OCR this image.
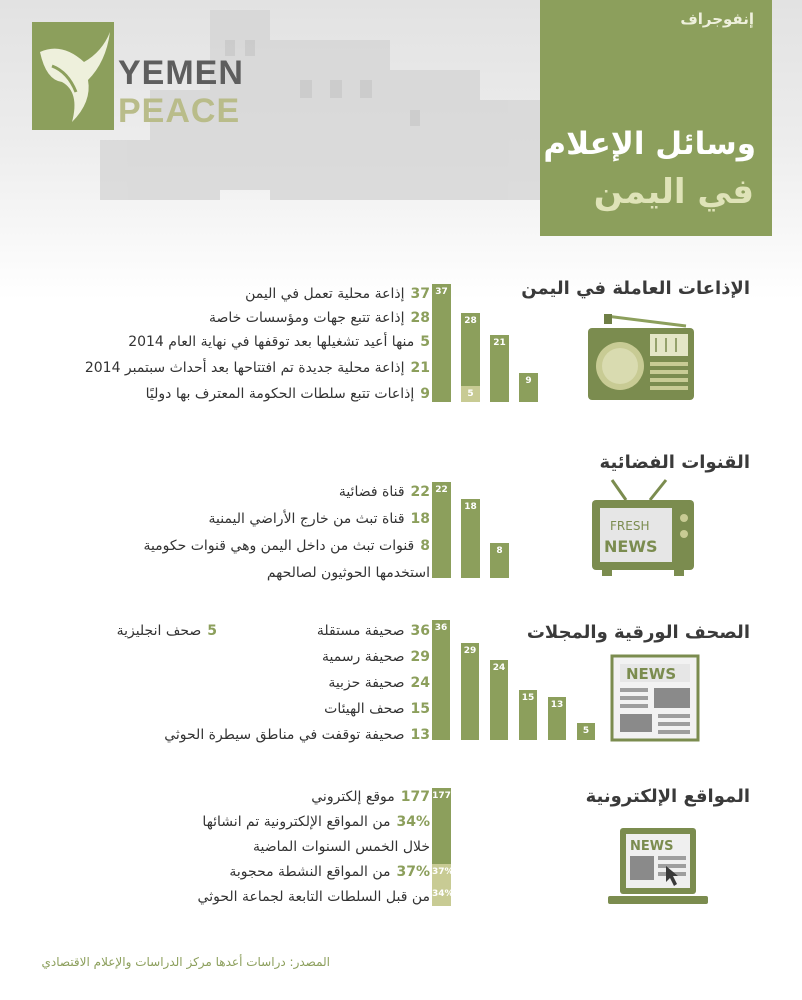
YEMEN
PEACE
إنفوجراف
وسائل الإعلام
في اليمن
الإذاعات العاملة في اليمن
37إذاعة محلية تعمل في اليمن
28إذاعة تتبع جهات ومؤسسات خاصة
5منها أعيد تشغيلها بعد توقفها في نهاية العام 2014
21إذاعة محلية جديدة تم افتتاحها بعد أحداث سبتمبر 2014
9إذاعات تتبع سلطات الحكومة المعترف بها دوليًا
37
28
5
21
9
القنوات الفضائية
22قناة فضائية
18قناة تبث من خارج الأراضي اليمنية
8قنوات تبث من داخل اليمن وهي قنوات حكومية
استخدمها الحوثيون لصالحهم
22
18
8
FRESH
NEWS
الصحف الورقية والمجلات
36صحيفة مستقلة
29صحيفة رسمية
24صحيفة حزبية
15صحف الهيئات
13صحيفة توقفت في مناطق سيطرة الحوثي
5صحف انجليزية	36
29
24
15
13
5
NEWS
المواقع الإلكترونية
177موقع إلكتروني
34%من المواقع الإلكترونية تم انشائها
خلال الخمس السنوات الماضية
37%من المواقع النشطة محجوبة
من قبل السلطات التابعة لجماعة الحوثي
177
37%
34%
NEWS
المصدر: دراسات أعدها مركز الدراسات والإعلام الاقتصادي
